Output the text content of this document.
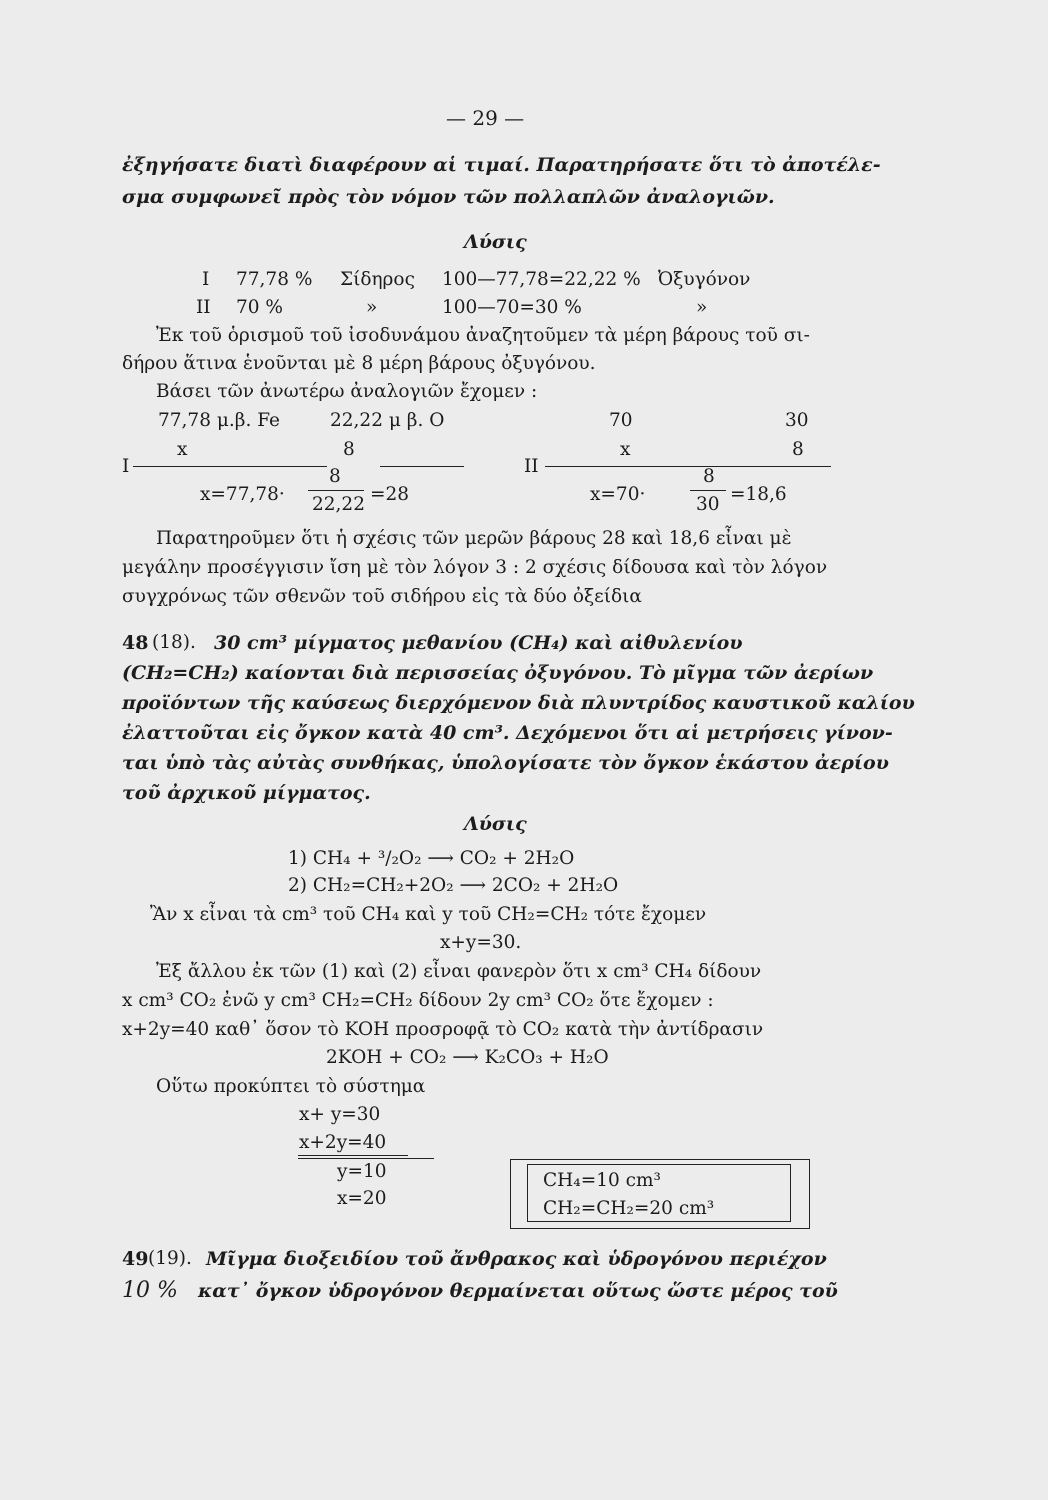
— 29 —
ἐξηγήσατε διατὶ διαφέρουν αἱ τιμαί. Παρατηρήσατε ὅτι τὸ ἀποτέλε-
σμα συμφωνεῖ πρὸς τὸν νόμον τῶν πολλαπλῶν ἀναλογιῶν.
Λύσις
I 77,78 % Σίδηρος 100—77,78=22,22 % Ὀξυγόνον
II 70 %	»	100—70=30 %	»
Ἐκ τοῦ ὁρισμοῦ τοῦ ἰσοδυνάμου ἀναζητοῦμεν τὰ μέρη βάρους τοῦ σι-
δήρου ἅτινα ἑνοῦνται μὲ 8 μέρη βάρους ὀξυγόνου.
Βάσει τῶν ἀνωτέρω ἀναλογιῶν ἔχομεν :
77,78 μ.β. Fe	22,22 μ β. O
I
x	8
x=77,78·
8
22,22 =28
70	30
II
x	8
x=70·
8
30 =18,6
Παρατηροῦμεν ὅτι ἡ σχέσις τῶν μερῶν βάρους 28 καὶ 18,6 εἶναι μὲ
μεγάλην προσέγγισιν ἴση μὲ τὸν λόγον 3 : 2 σχέσις δίδουσα καὶ τὸν λόγον
συγχρόνως τῶν σθενῶν τοῦ σιδήρου εἰς τὰ δύο ὀξείδια
48 (18). 30 cm³ μίγματος μεθανίου (CH₄) καὶ αἰθυλενίου
(CH₂=CH₂) καίονται διὰ περισσείας ὀξυγόνου. Τὸ μῖγμα τῶν ἀερίων
προϊόντων τῆς καύσεως διερχόμενον διὰ πλυντρίδος καυστικοῦ καλίου
ἐλαττοῦται εἰς ὄγκον κατὰ 40 cm³. Δεχόμενοι ὅτι αἱ μετρήσεις γίνον-
ται ὑπὸ τὰς αὐτὰς συνθήκας, ὑπολογίσατε τὸν ὄγκον ἑκάστου ἀερίου
τοῦ ἀρχικοῦ μίγματος.
Λύσις
1) CH₄ + ³/₂O₂ ⟶ CO₂ + 2H₂O
2) CH₂=CH₂+2O₂ ⟶ 2CO₂ + 2H₂O
Ἂν x εἶναι τὰ cm³ τοῦ CH₄ καὶ y τοῦ CH₂=CH₂ τότε ἔχομεν
x+y=30.
Ἐξ ἄλλου ἐκ τῶν (1) καὶ (2) εἶναι φανερὸν ὅτι x cm³ CH₄ δίδουν
x cm³ CO₂ ἐνῶ y cm³ CH₂=CH₂ δίδουν 2y cm³ CO₂ ὅτε ἔχομεν :
x+2y=40 καθ᾽ ὅσον τὸ KOH προσροφᾷ τὸ CO₂ κατὰ τὴν ἀντίδρασιν
2KOH + CO₂ ⟶ K₂CO₃ + H₂O
Οὕτω προκύπτει τὸ σύστημα
x+ y=30
x+2y=40
y=10
x=20
CH₄=10 cm³
CH₂=CH₂=20 cm³
49 (19). Μῖγμα διοξειδίου τοῦ ἄνθρακος καὶ ὑδρογόνου περιέχον
10 % κατ᾽ ὄγκον ὑδρογόνον θερμαίνεται οὕτως ὥστε μέρος τοῦ
